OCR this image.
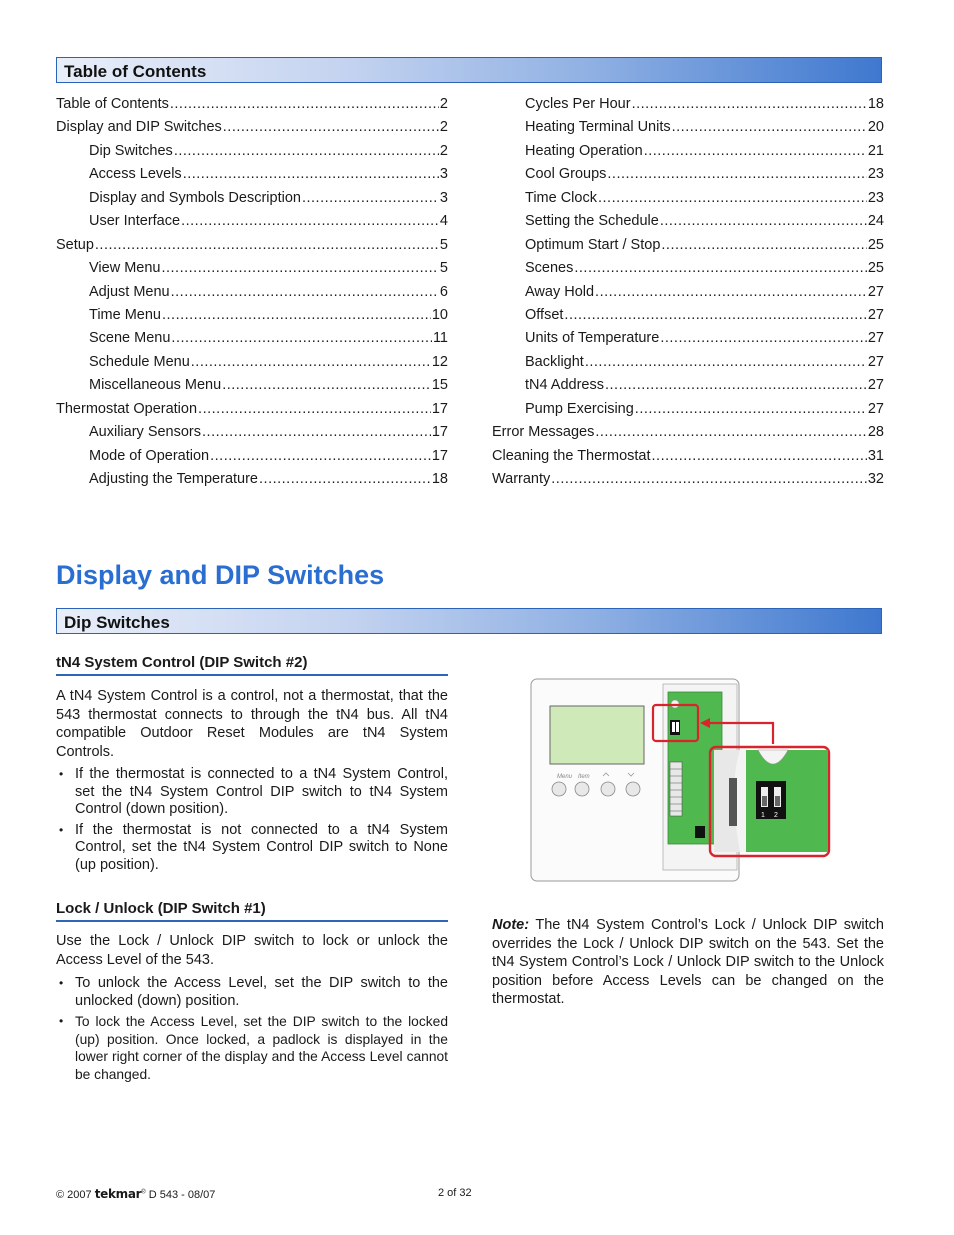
Table of Contents
Table of Contents .....	2
Display and DIP Switches .....	2
Dip Switches .....	2
Access Levels .....	3
Display and Symbols Description .....	3
User Interface .....	4
Setup .....	5
View Menu .....	5
Adjust Menu .....	6
Time Menu .....	10
Scene Menu .....	11
Schedule Menu .....	12
Miscellaneous Menu .....	15
Thermostat Operation .....	17
Auxiliary Sensors .....	17
Mode of Operation .....	17
Adjusting the Temperature .....	18
Cycles Per Hour .....	18
Heating Terminal Units .....	20
Heating Operation .....	21
Cool Groups .....	23
Time Clock .....	23
Setting the Schedule .....	24
Optimum Start / Stop .....	25
Scenes .....	25
Away Hold .....	27
Offset .....	27
Units of Temperature .....	27
Backlight .....	27
tN4 Address .....	27
Pump Exercising .....	27
Error Messages .....	28
Cleaning the Thermostat .....	31
Warranty .....	32
Display and DIP Switches
Dip Switches
tN4 System Control (DIP Switch #2)
A tN4 System Control is a control, not a thermostat, that the 543 thermostat connects to through the tN4 bus. All tN4 compatible Outdoor Reset Modules are tN4 System Controls.
• If the thermostat is connected to a tN4 System Control, set the tN4 System Control DIP switch to tN4 System Control (down position).
• If the thermostat is not connected to a tN4 System Control, set the tN4 System Control DIP switch to None (up position).
Lock / Unlock (DIP Switch #1)
Use the Lock / Unlock DIP switch to lock or unlock the Access Level of the 543.
• To unlock the Access Level, set the DIP switch to the unlocked (down) position.
• To lock the Access Level, set the DIP switch to the locked (up) position. Once locked, a padlock is displayed in the lower right corner of the display and the Access Level cannot be changed.
Menu Item
1 2
Note: The tN4 System Control’s Lock / Unlock DIP switch overrides the Lock / Unlock DIP switch on the 543. Set the tN4 System Control’s Lock / Unlock DIP switch to the Unlock position before Access Levels can be changed on the thermostat.
© 2007 tekmar® D 543 - 08/07	2 of 32
